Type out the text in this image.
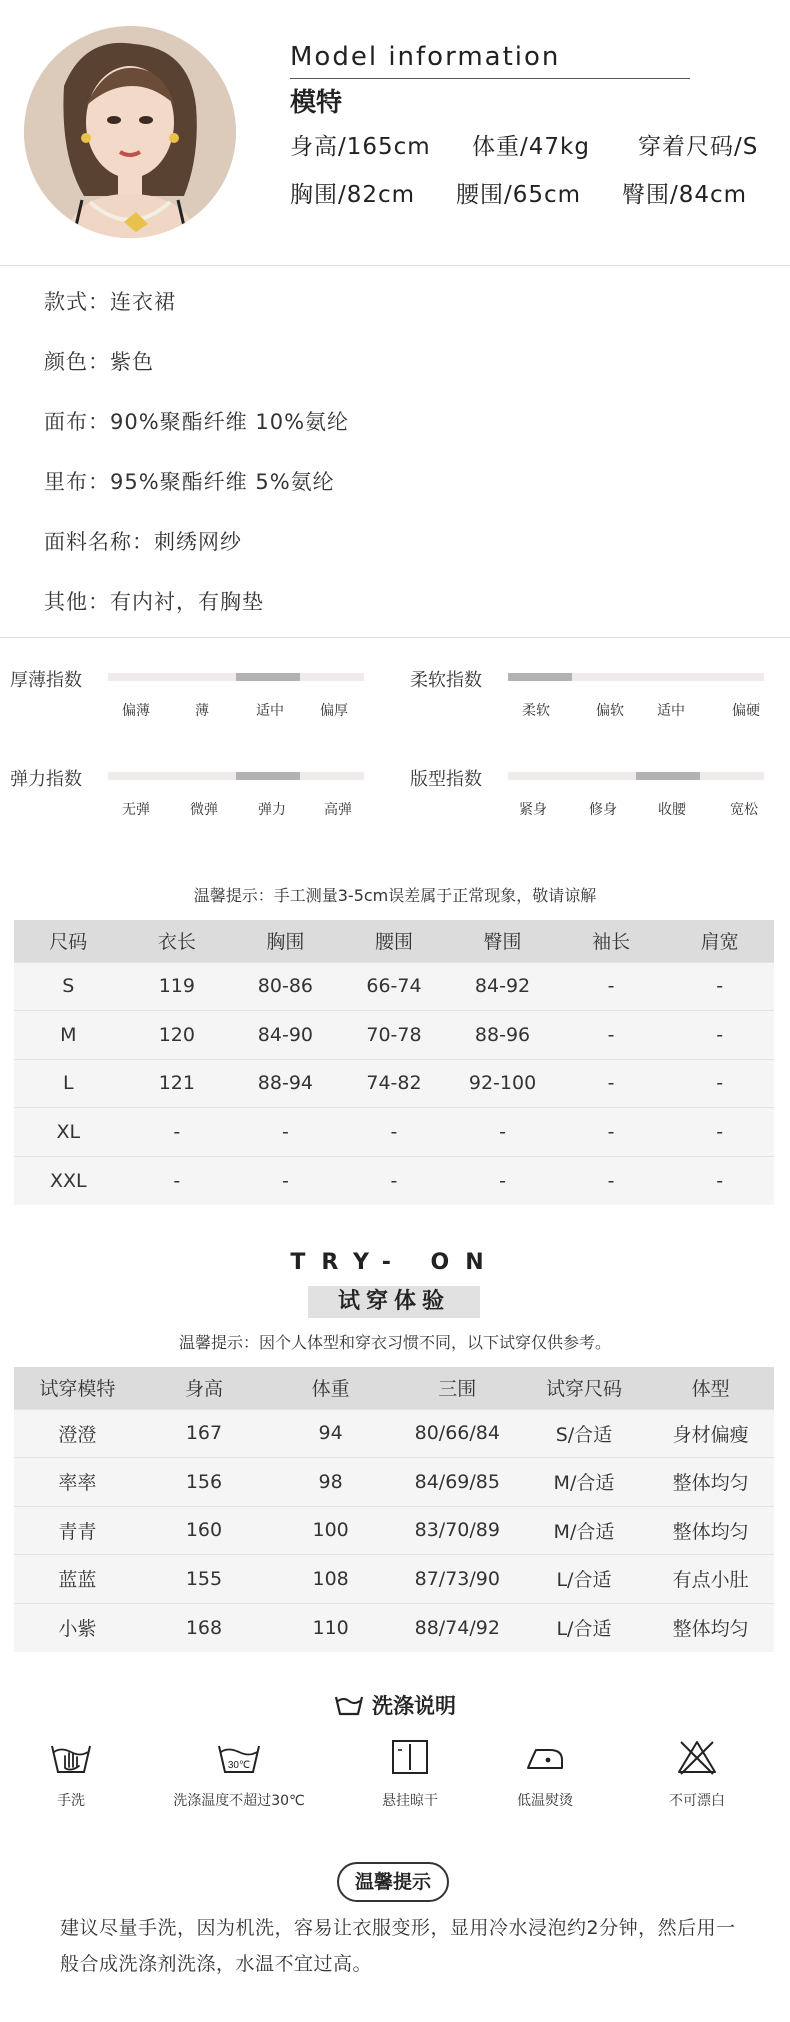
Model information
模特
身高/165cm 体重/47kg 穿着尺码/S
胸围/82cm 腰围/65cm 臀围/84cm
款式：连衣裙
颜色：紫色
面布：90%聚酯纤维 10%氨纶
里布：95%聚酯纤维 5%氨纶
面料名称：刺绣网纱
其他：有内衬，有胸垫
厚薄指数
偏薄	薄	适中	偏厚
柔软指数
柔软	偏软 适中	偏硬
弹力指数
无弹	微弹	弹力	高弹
版型指数
紧身	修身	收腰	宽松
温馨提示：手工测量3-5cm误差属于正常现象，敬请谅解
尺码	衣长	胸围	腰围	臀围	袖长	肩宽
S	119	80-86	66-74	84-92	-	-
M	120	84-90	70-78	88-96	-	-
L	121	88-94	74-82	92-100	-	-
XL	-	-	-	-	-	-
XXL	-	-	-	-	-	-
TRY- ON
试穿体验
温馨提示：因个人体型和穿衣习惯不同，以下试穿仅供参考。
试穿模特	身高	体重	三围	试穿尺码	体型
澄澄	167	94	80/66/84	S/合适	身材偏瘦
率率	156	98	84/69/85	M/合适	整体均匀
青青	160	100	83/70/89	M/合适	整体均匀
蓝蓝	155	108	87/73/90	L/合适	有点小肚
小紫	168	110	88/74/92	L/合适	整体均匀
洗涤说明
手洗
30℃
洗涤温度不超过30℃	悬挂晾干	低温熨烫	不可漂白
温馨提示
建议尽量手洗，因为机洗，容易让衣服变形，显用冷水浸泡约2分钟，然后用一般合成洗涤剂洗涤，水温不宜过高。
